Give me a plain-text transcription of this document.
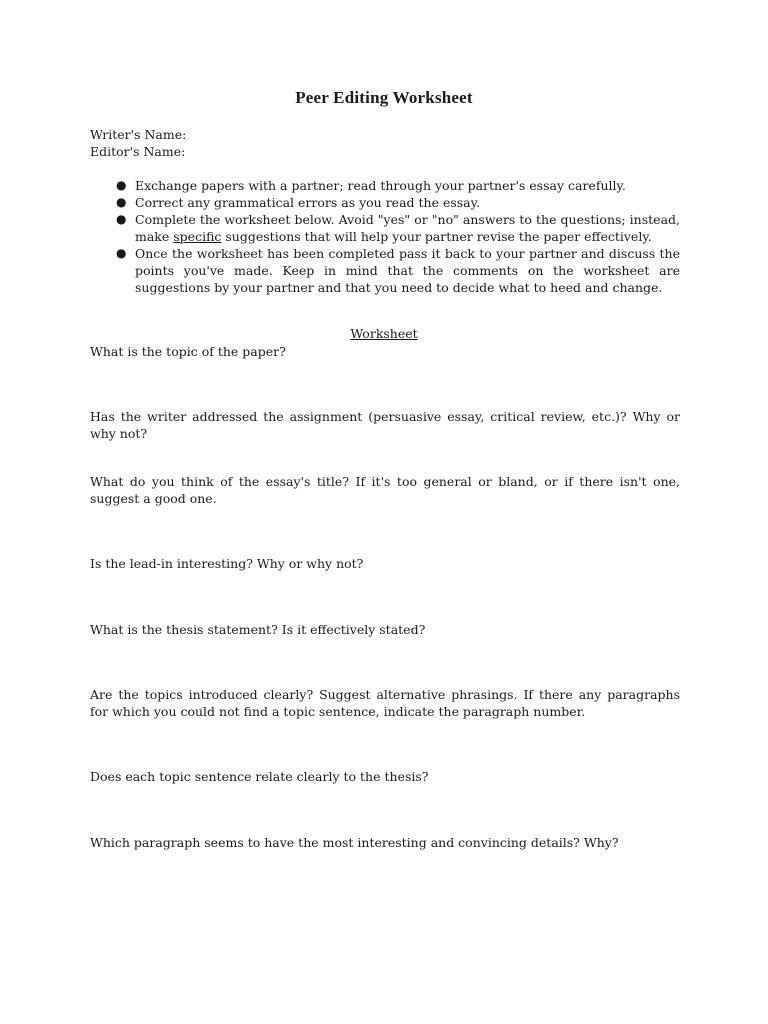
Peer Editing Worksheet
Writer's Name:
Editor's Name:
● Exchange papers with a partner; read through your partner's essay carefully.
● Correct any grammatical errors as you read the essay.
● Complete the worksheet below. Avoid "yes" or "no" answers to the questions; instead, make specific suggestions that will help your partner revise the paper effectively.
● Once the worksheet has been completed pass it back to your partner and discuss the points you've made. Keep in mind that the comments on the worksheet are suggestions by your partner and that you need to decide what to heed and change.
Worksheet
What is the topic of the paper?
Has the writer addressed the assignment (persuasive essay, critical review, etc.)? Why or why not?
What do you think of the essay's title? If it's too general or bland, or if there isn't one, suggest a good one.
Is the lead-in interesting? Why or why not?
What is the thesis statement? Is it effectively stated?
Are the topics introduced clearly? Suggest alternative phrasings. If there any paragraphs for which you could not find a topic sentence, indicate the paragraph number.
Does each topic sentence relate clearly to the thesis?
Which paragraph seems to have the most interesting and convincing details? Why?
